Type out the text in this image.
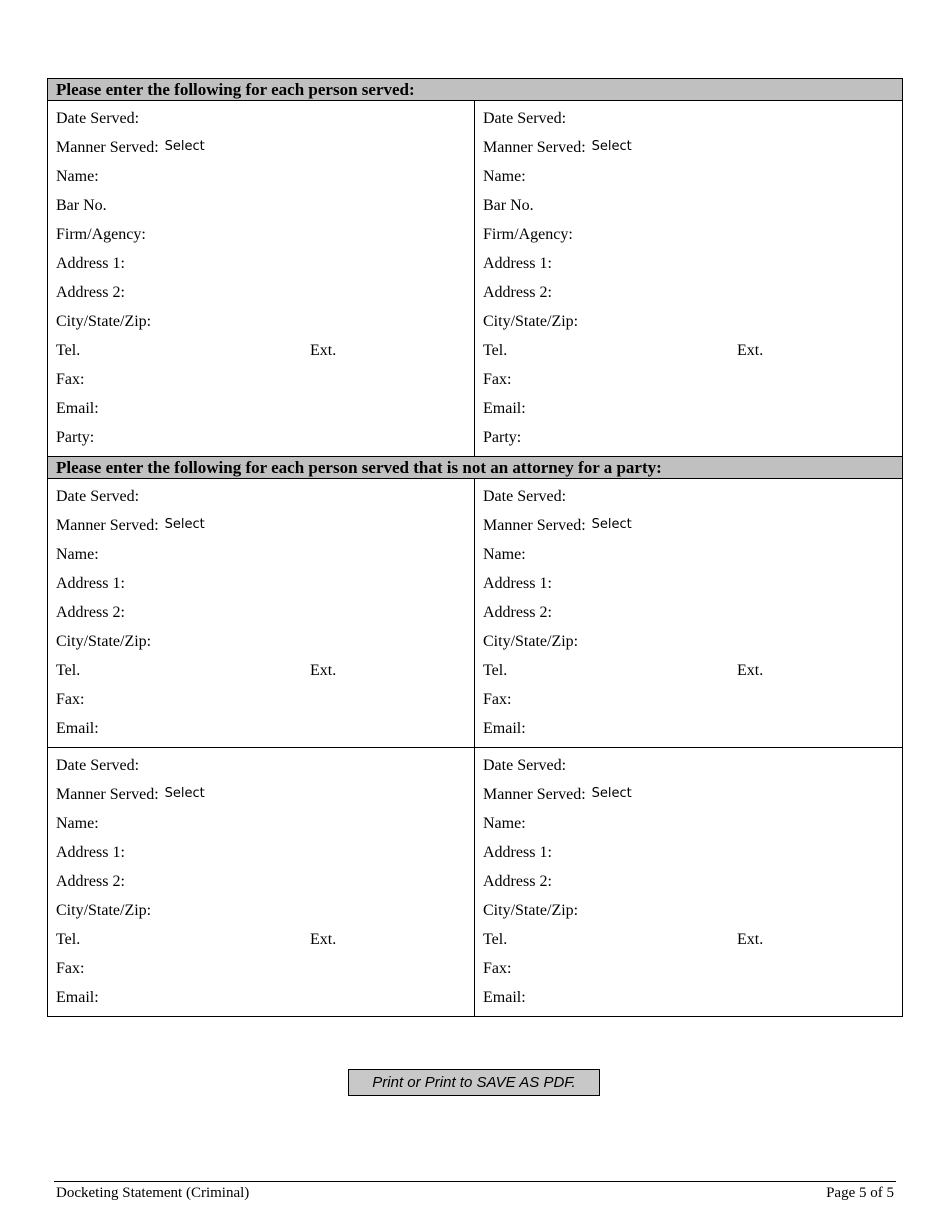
Please enter the following for each person served:
Date Served:
Manner Served: Select
Name:
Bar No.
Firm/Agency:
Address 1:
Address 2:
City/State/Zip:
Tel.	Ext.
Fax:
Email:
Party:
Date Served:
Manner Served: Select
Name:
Bar No.
Firm/Agency:
Address 1:
Address 2:
City/State/Zip:
Tel.	Ext.
Fax:
Email:
Party:
Please enter the following for each person served that is not an attorney for a party:
Date Served:
Manner Served: Select
Name:
Address 1:
Address 2:
City/State/Zip:
Tel.	Ext.
Fax:
Email:
Date Served:
Manner Served: Select
Name:
Address 1:
Address 2:
City/State/Zip:
Tel.	Ext.
Fax:
Email:
Date Served:
Manner Served: Select
Name:
Address 1:
Address 2:
City/State/Zip:
Tel.	Ext.
Fax:
Email:
Date Served:
Manner Served: Select
Name:
Address 1:
Address 2:
City/State/Zip:
Tel.	Ext.
Fax:
Email:
Print or Print to SAVE AS PDF.
Docketing Statement (Criminal)	Page 5 of 5
